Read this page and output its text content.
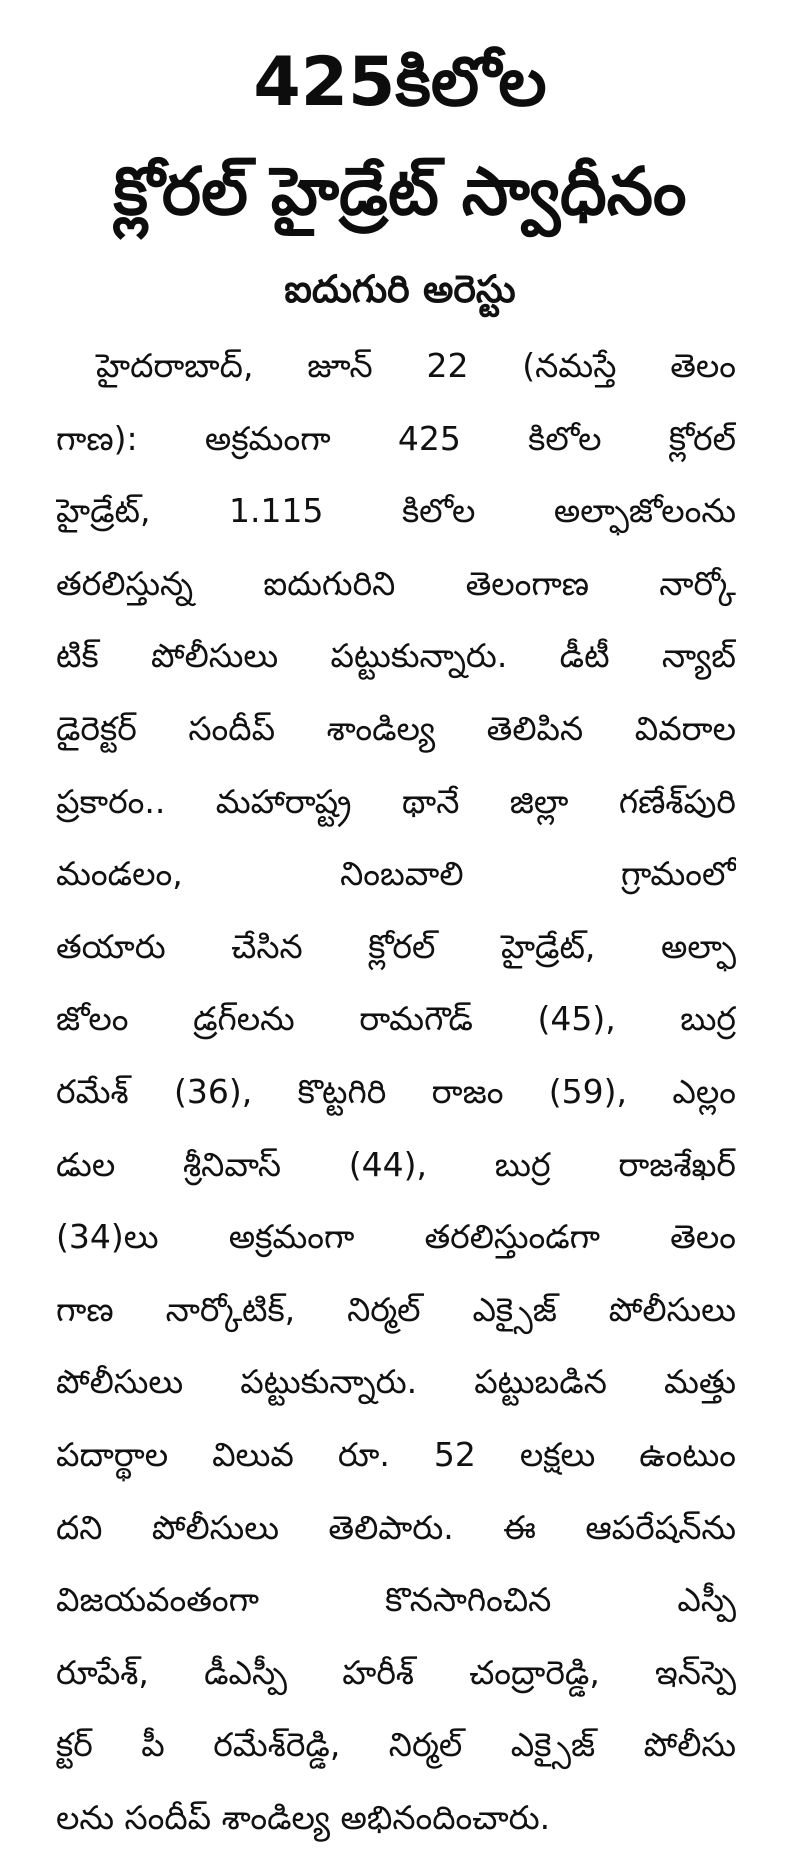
425కిలోల
క్లోరల్ హైడ్రేట్ స్వాధీనం
ఐదుగురి అరెస్టు
హైదరాబాద్, జూన్ 22 (నమస్తే తెలం
గాణ): అక్రమంగా 425 కిలోల క్లోరల్
హైడ్రేట్, 1.115 కిలోల అల్ఫాజోలంను
తరలిస్తున్న ఐదుగురిని తెలంగాణ నార్కో
టిక్ పోలీసులు పట్టుకున్నారు. డీటీ న్యాబ్
డైరెక్టర్ సందీప్ శాండిల్య తెలిపిన వివరాల
ప్రకారం.. మహారాష్ట్ర థానే జిల్లా గణేశ్‌పురి
మండలం, నింబవాలి గ్రామంలో
తయారు చేసిన క్లోరల్ హైడ్రేట్, అల్ఫా
జోలం డ్రగ్‌లను రామగౌడ్ (45), బుర్ర
రమేశ్ (36), కొట్టగిరి రాజం (59), ఎల్లం
డుల శ్రీనివాస్ (44), బుర్ర రాజశేఖర్
(34)లు అక్రమంగా తరలిస్తుండగా తెలం
గాణ నార్కోటిక్, నిర్మల్ ఎక్సైజ్ పోలీసులు
పోలీసులు పట్టుకున్నారు. పట్టుబడిన మత్తు
పదార్థాల విలువ రూ. 52 లక్షలు ఉంటుం
దని పోలీసులు తెలిపారు. ఈ ఆపరేషన్‌ను
విజయవంతంగా కొనసాగించిన ఎస్పీ
రూపేశ్, డీఎస్పీ హరీశ్ చంద్రారెడ్డి, ఇన్‌స్పె
క్టర్ పీ రమేశ్‌రెడ్డి, నిర్మల్ ఎక్సైజ్ పోలీసు
లను సందీప్ శాండిల్య అభినందించారు.
